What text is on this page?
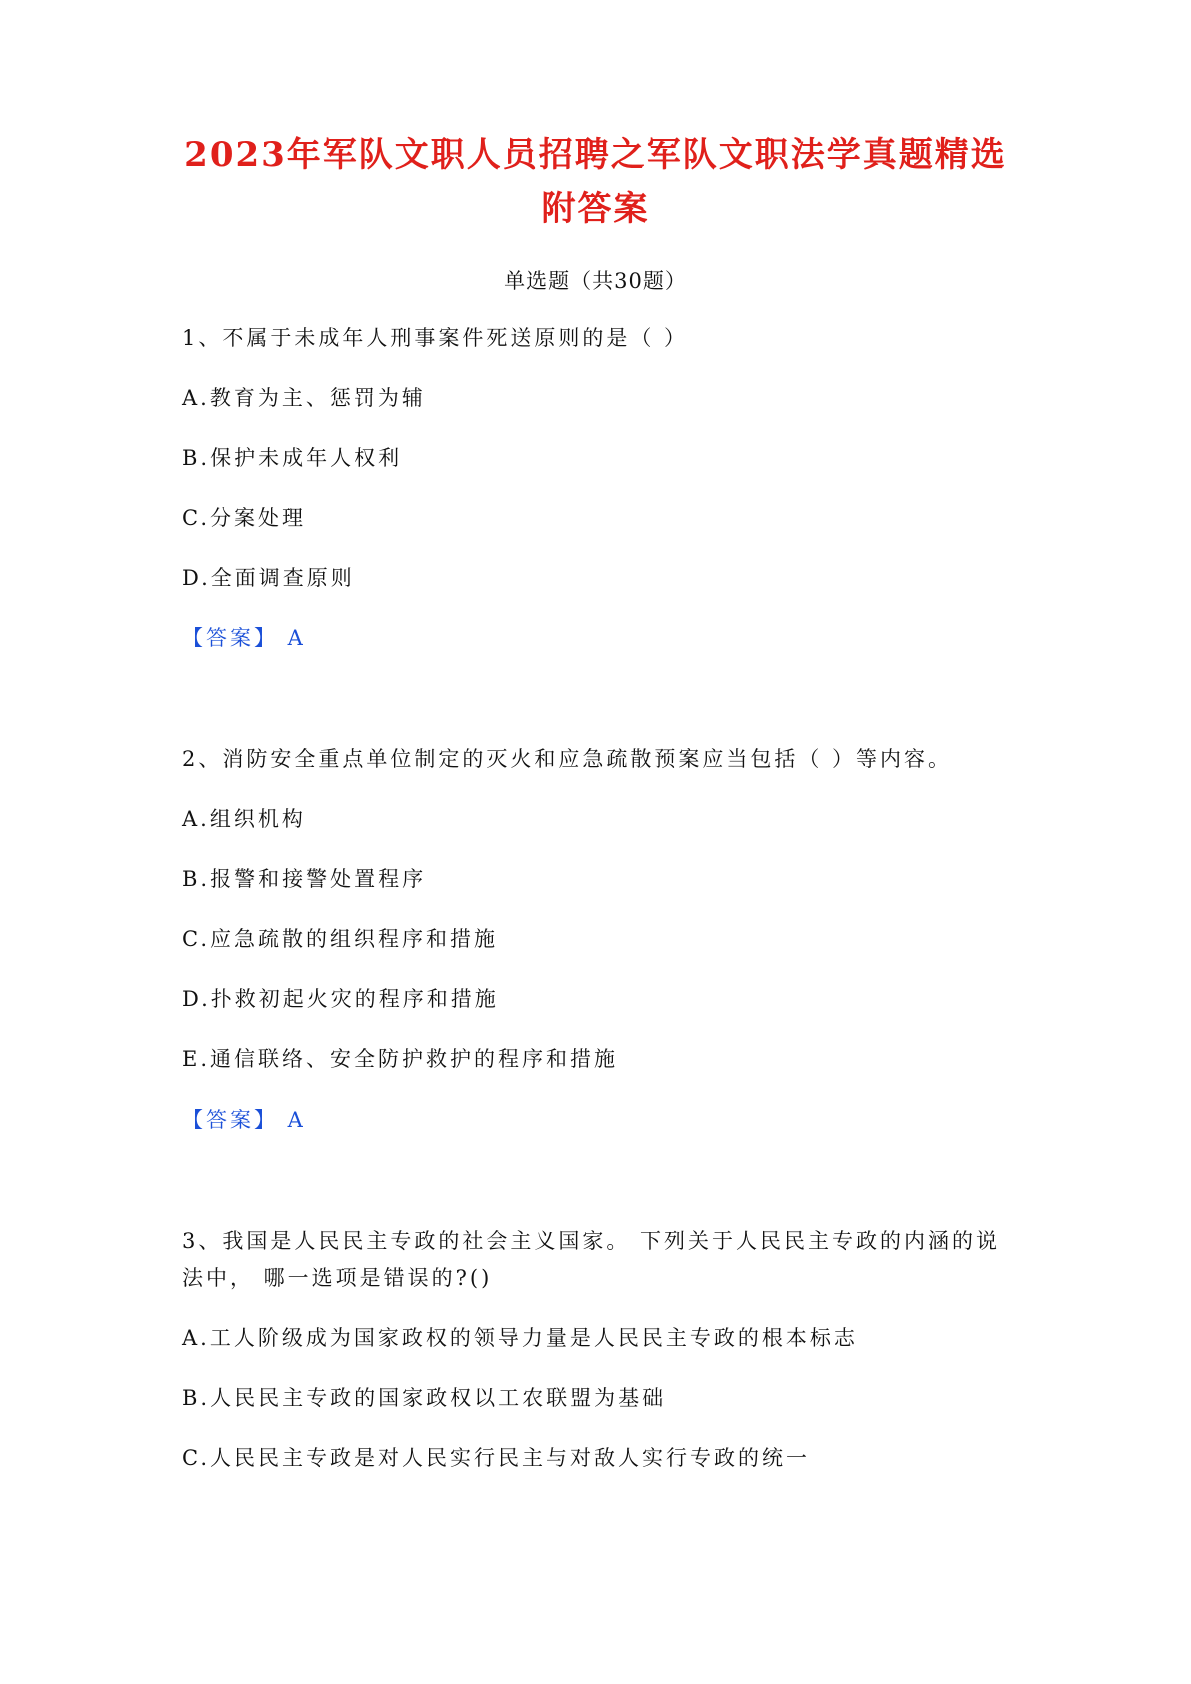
2023年军队文职人员招聘之军队文职法学真题精选
附答案
单选题（共30题）
1、不属于未成年人刑事案件死送原则的是（ ）
A.教育为主、惩罚为辅
B.保护未成年人权利
C.分案处理
D.全面调查原则
【答案】 A
2、消防安全重点单位制定的灭火和应急疏散预案应当包括（ ）等内容。
A.组织机构
B.报警和接警处置程序
C.应急疏散的组织程序和措施
D.扑救初起火灾的程序和措施
E.通信联络、安全防护救护的程序和措施
【答案】 A
3、我国是人民民主专政的社会主义国家。 下列关于人民民主专政的内涵的说
法中， 哪一选项是错误的?()
A.工人阶级成为国家政权的领导力量是人民民主专政的根本标志
B.人民民主专政的国家政权以工农联盟为基础
C.人民民主专政是对人民实行民主与对敌人实行专政的统一
